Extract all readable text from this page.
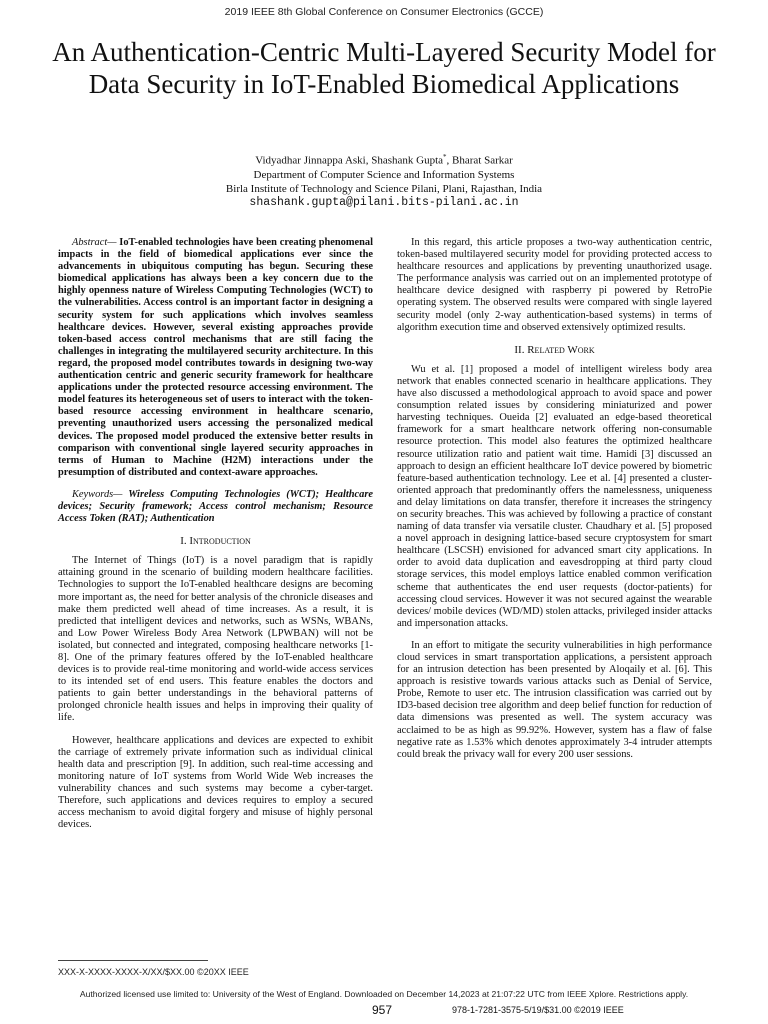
2019 IEEE 8th Global Conference on Consumer Electronics (GCCE)
An Authentication-Centric Multi-Layered Security Model for Data Security in IoT-Enabled Biomedical Applications
Vidyadhar Jinnappa Aski, Shashank Gupta*, Bharat Sarkar
Department of Computer Science and Information Systems
Birla Institute of Technology and Science Pilani, Plani, Rajasthan, India
shashank.gupta@pilani.bits-pilani.ac.in

Abstract— IoT-enabled technologies have been creating phenomenal impacts in the field of biomedical applications ever since the advancements in ubiquitous computing has begun. Securing these biomedical applications has always been a key concern due to the highly openness nature of Wireless Computing Technologies (WCT) to the vulnerabilities. Access control is an important factor in designing a security system for such applications which involves seamless healthcare devices. However, several existing approaches provide token-based access control mechanisms that are still facing the challenges in integrating the multilayered security architecture. In this regard, the proposed model contributes towards in designing two-way authentication centric and generic security framework for healthcare applications under the protected resource accessing environment. The model features its heterogeneous set of users to interact with the token-based resource accessing environment in healthcare scenario, preventing unauthorized users accessing the personalized medical devices. The proposed model produced the extensive better results in comparison with conventional single layered security approaches in terms of Human to Machine (H2M) interactions under the presumption of distributed and context-aware approaches.

Keywords— Wireless Computing Technologies (WCT); Healthcare devices; Security framework; Access control mechanism; Resource Access Token (RAT); Authentication

I. Introduction

The Internet of Things (IoT) is a novel paradigm that is rapidly attaining ground in the scenario of building modern healthcare facilities. Technologies to support the IoT-enabled healthcare designs are becoming more important as, the need for better analysis of the chronicle diseases and make them predicted well ahead of time increases. As a result, it is predicted that intelligent devices and networks, such as WSNs, WBANs, and Low Power Wireless Body Area Network (LPWBAN) will not be isolated, but connected and integrated, composing healthcare networks [1-8]. One of the primary features offered by the IoT-enabled healthcare devices is to provide real-time monitoring and world-wide access services to its intended set of end users. This feature enables the doctors and patients to gain better understandings in the behavioral patterns of prolonged chronicle health issues and helps in improving their quality of life.

However, healthcare applications and devices are expected to exhibit the carriage of extremely private information such as individual clinical health data and prescription [9]. In addition, such real-time accessing and monitoring nature of IoT systems from World Wide Web increases the vulnerability chances and such systems may become a cyber-target. Therefore, such applications and devices requires to employ a secured access mechanism to avoid digital forgery and misuse of highly personal devices.

In this regard, this article proposes a two-way authentication centric, token-based multilayered security model for providing protected access to healthcare resources and applications by preventing unauthorized usage. The performance analysis was carried out on an implemented prototype of healthcare device designed with raspberry pi powered by RetroPie operating system. The observed results were compared with single layered security model (only 2-way authentication-based systems) in terms of algorithm execution time and observed extensively optimized results.

II. Related Work

Wu et al. [1] proposed a model of intelligent wireless body area network that enables connected scenario in healthcare applications. They have also discussed a methodological approach to avoid space and power consumption related issues by considering miniaturized and power harvesting techniques. Oueida [2] evaluated an edge-based theoretical framework for a smart healthcare network offering non-consumable resource protection. This model also features the optimized healthcare resource utilization ratio and patient wait time. Hamidi [3] discussed an approach to design an efficient healthcare IoT device powered by biometric feature-based authentication technology. Lee et al. [4] presented a cluster-oriented approach that predominantly offers the namelessness, uniqueness and delay limitations on data transfer, therefore it increases the stringency on security breaches. This was achieved by following a practice of constant naming of data transfer via versatile cluster. Chaudhary et al. [5] proposed a novel approach in designing lattice-based secure cryptosystem for smart healthcare (LSCSH) envisioned for advanced smart city applications. In order to avoid data duplication and eavesdropping at third party cloud storage services, this model employs lattice enabled common verification scheme that authenticates the end user requests (doctor-patients) for accessing cloud services. However it was not secured against the wearable devices/ mobile devices (WD/MD) stolen attacks, privileged insider attacks and impersonation attacks.

In an effort to mitigate the security vulnerabilities in high performance cloud services in smart transportation applications, a persistent approach for an intrusion detection has been presented by Aloqaily et al. [6]. This approach is resistive towards various attacks such as Denial of Service, Probe, Remote to user etc. The intrusion classification was carried out by ID3-based decision tree algorithm and deep belief function for reduction of data dimensions was presented as well. The system accuracy was acclaimed to be as high as 99.92%. However, system has a flaw of false negative rate as 1.53% which denotes approximately 3-4 intruder attempts could break the privacy wall for every 200 user sessions.

XXX-X-XXXX-XXXX-X/XX/$XX.00 ©20XX IEEE
Authorized licensed use limited to: University of the West of England. Downloaded on December 14,2023 at 21:07:22 UTC from IEEE Xplore. Restrictions apply.
957	978-1-7281-3575-5/19/$31.00 ©2019 IEEE
